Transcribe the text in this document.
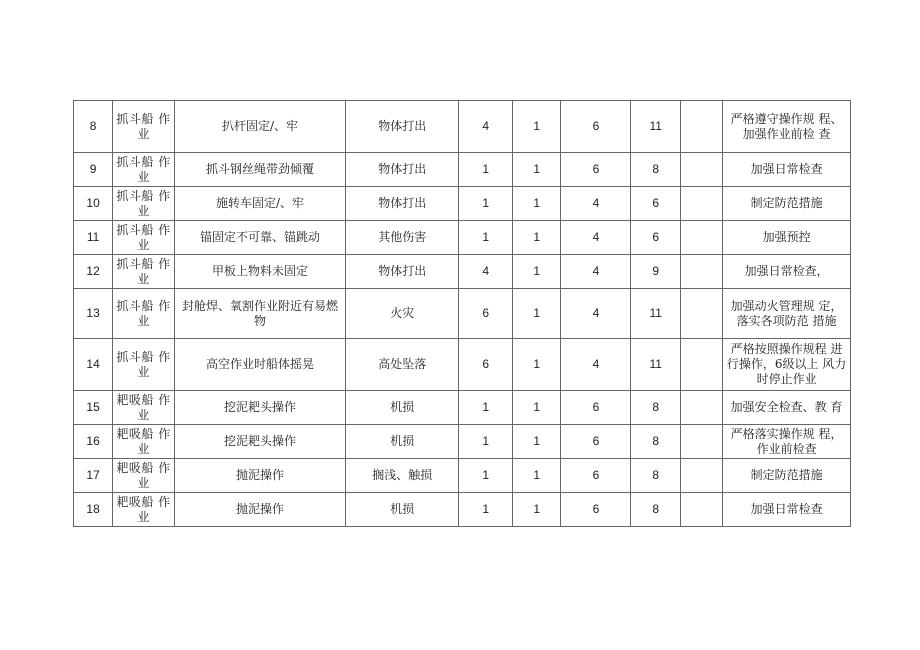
8	抓斗船 作业	扒杆固定/、牢	物体打出	4	1	6	11		严格遵守操作规 程、 加强作业前检 查
9	抓斗船 作业	抓斗钢丝绳带劲倾覆	物体打出	1	1	6	8		加强日常检查
10	抓斗船 作业	施转车固定/、牢	物体打出	1	1	4	6		制定防范措施
11	抓斗船 作业	锚固定不可靠、锚跳动	其他伤害	1	1	4	6		加强预控
12	抓斗船 作业	甲板上物料未固定	物体打出	4	1	4	9		加强日常检查，
13	抓斗船 作业	封舱焊、氧割作业附近有易燃物	火灾	6	1	4	11		加强动火管理规 定，落实各项防范 措施
14	抓斗船 作业	高空作业时船体摇晃	高处坠落	6	1	4	11		严格按照操作规程 进行操作，6级以上 风力时停止作业
15	耙吸船 作业	挖泥耙头操作	机损	1	1	6	8		加强安全检查、教 育
16	耙吸船 作业	挖泥耙头操作	机损	1	1	6	8		严格落实操作规 程，作业前检查
17	耙吸船 作业	抛泥操作	搁浅、触损	1	1	6	8		制定防范措施
18	耙吸船 作业	抛泥操作	机损	1	1	6	8		加强日常检查
